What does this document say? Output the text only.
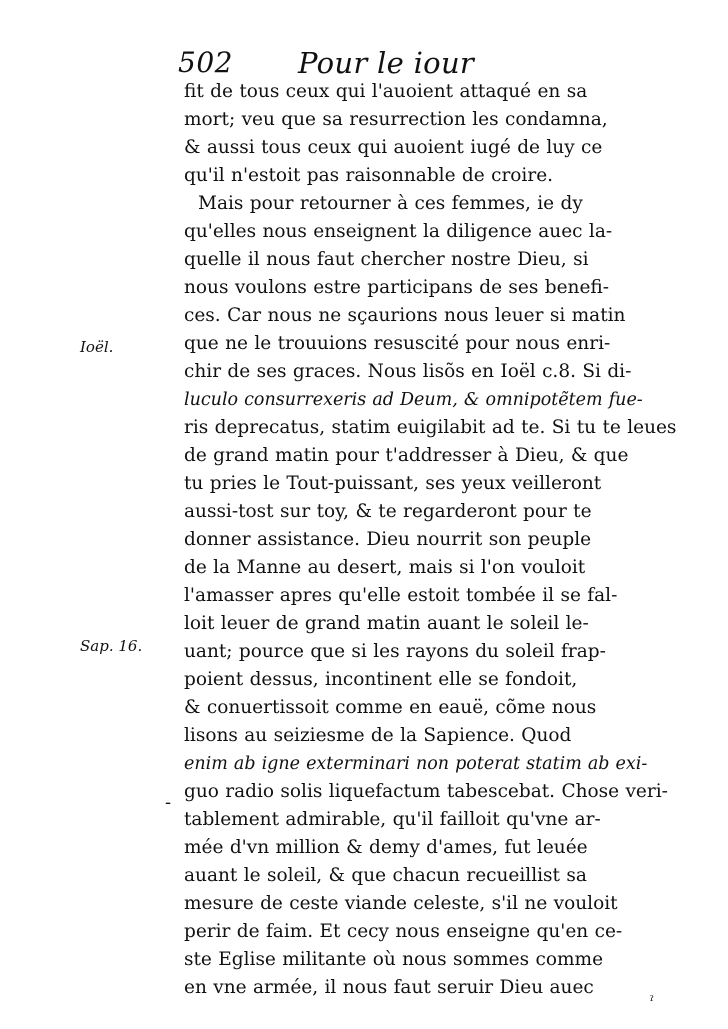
502 Pour le iour
fit de tous ceux qui l'auoient attaqué en sa
mort; veu que sa resurrection les condamna,
& aussi tous ceux qui auoient iugé de luy ce
qu'il n'estoit pas raisonnable de croire.
Mais pour retourner à ces femmes, ie dy
qu'elles nous enseignent la diligence auec la-
quelle il nous faut chercher nostre Dieu, si
nous voulons estre participans de ses benefi-
ces. Car nous ne sçaurions nous leuer si matin
que ne le trouuions resuscité pour nous enri-
chir de ses graces. Nous lisõs en Ioël c.8. Si di-
luculo consurrexeris ad Deum, & omnipotẽtem fue-
ris deprecatus, statim euigilabit ad te. Si tu te leues
de grand matin pour t'addresser à Dieu, & que
tu pries le Tout-puissant, ses yeux veilleront
aussi-tost sur toy, & te regarderont pour te
donner assistance. Dieu nourrit son peuple
de la Manne au desert, mais si l'on vouloit
l'amasser apres qu'elle estoit tombée il se fal-
loit leuer de grand matin auant le soleil le-
uant; pource que si les rayons du soleil frap-
poient dessus, incontinent elle se fondoit,
& conuertissoit comme en eauë, cõme nous
lisons au seiziesme de la Sapience. Quod
enim ab igne exterminari non poterat statim ab exi-
guo radio solis liquefactum tabescebat. Chose veri-
tablement admirable, qu'il failloit qu'vne ar-
mée d'vn million & demy d'ames, fut leuée
auant le soleil, & que chacun recueillist sa
mesure de ceste viande celeste, s'il ne vouloit
perir de faim. Et cecy nous enseigne qu'en ce-
ste Eglise militante où nous sommes comme
en vne armée, il nous faut seruir Dieu auec
Ioël.
Sap. 16.
-
ˀ
